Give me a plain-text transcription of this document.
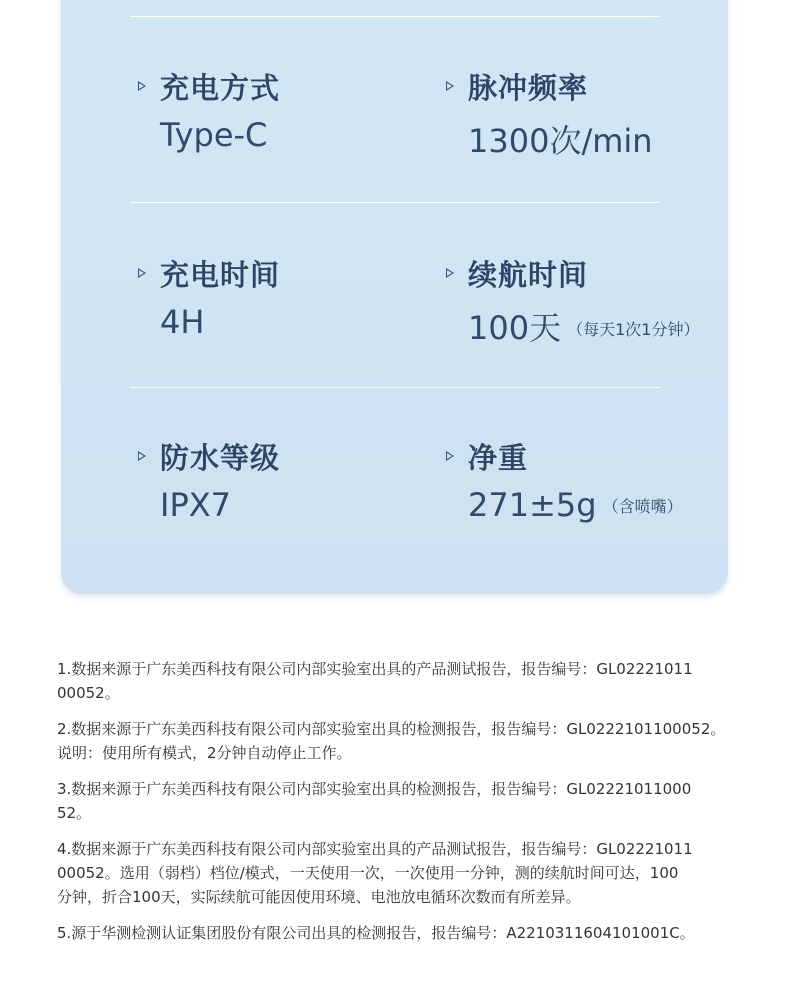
充电方式
Type-C
脉冲频率
1300次/min
充电时间
4H
续航时间
100天 （每天1次1分钟）
防水等级
IPX7
净重
271±5g （含喷嘴）

1.数据来源于广东美西科技有限公司内部实验室出具的产品测试报告，报告编号：GL02221011
00052。

2.数据来源于广东美西科技有限公司内部实验室出具的检测报告，报告编号：GL0222101100052。
说明：使用所有模式，2分钟自动停止工作。

3.数据来源于广东美西科技有限公司内部实验室出具的检测报告，报告编号：GL02221011000
52。

4.数据来源于广东美西科技有限公司内部实验室出具的产品测试报告，报告编号：GL02221011
00052。选用（弱档）档位/模式，一天使用一次，一次使用一分钟，测的续航时间可达，100
分钟，折合100天，实际续航可能因使用环境、电池放电循环次数而有所差异。

5.源于华测检测认证集团股份有限公司出具的检测报告，报告编号：A2210311604101001C。
